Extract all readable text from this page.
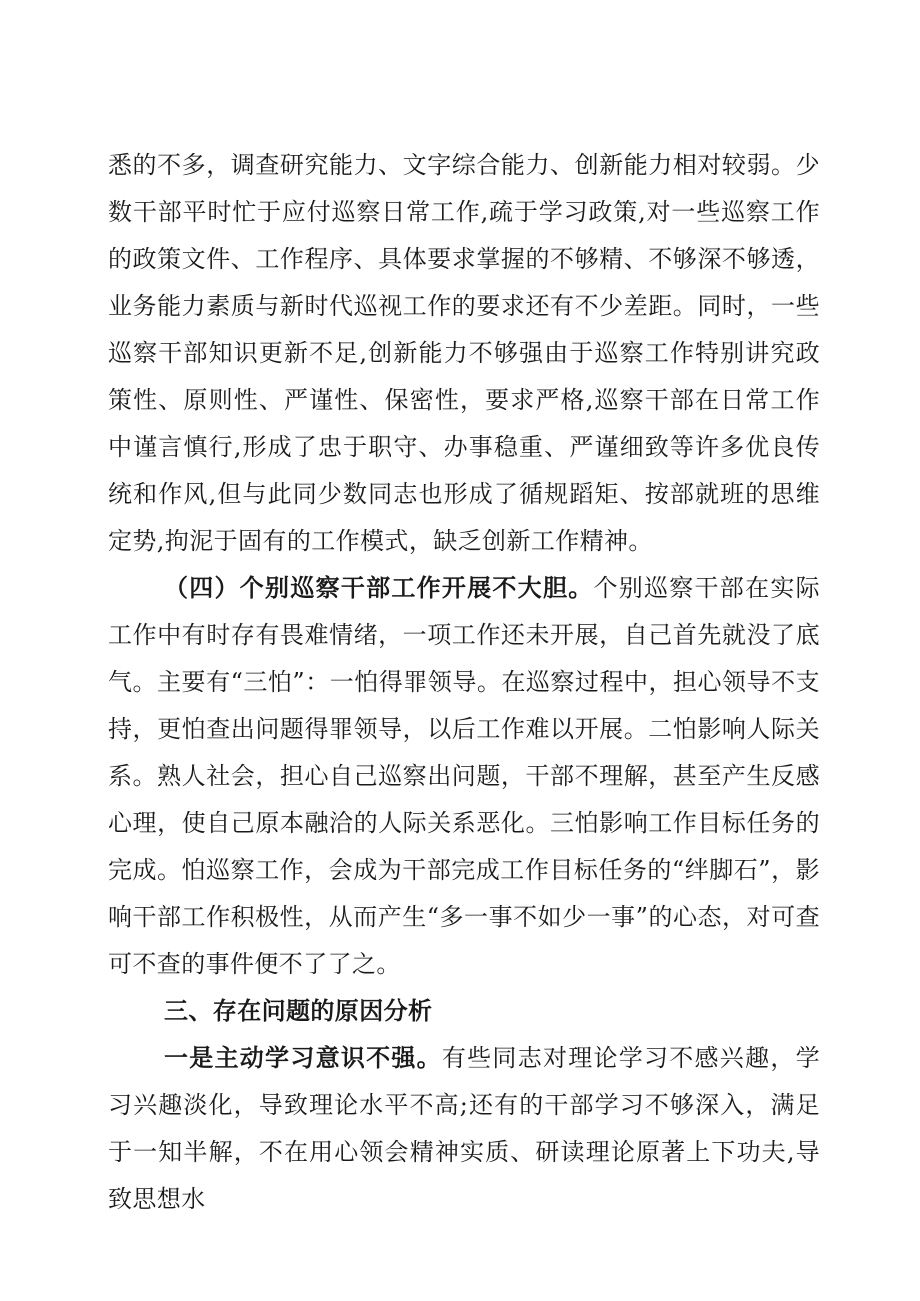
悉的不多，调查研究能力、文字综合能力、创新能力相对较弱。少数干部平时忙于应付巡察日常工作,疏于学习政策,对一些巡察工作的政策文件、工作程序、具体要求掌握的不够精、不够深不够透，业务能力素质与新时代巡视工作的要求还有不少差距。同时，一些巡察干部知识更新不足,创新能力不够强由于巡察工作特别讲究政策性、原则性、严谨性、保密性，要求严格,巡察干部在日常工作中谨言慎行,形成了忠于职守、办事稳重、严谨细致等许多优良传统和作风,但与此同少数同志也形成了循规蹈矩、按部就班的思维定势,拘泥于固有的工作模式，缺乏创新工作精神。

（四）个别巡察干部工作开展不大胆。个别巡察干部在实际工作中有时存有畏难情绪，一项工作还未开展，自己首先就没了底气。主要有“三怕”：一怕得罪领导。在巡察过程中，担心领导不支持，更怕查出问题得罪领导，以后工作难以开展。二怕影响人际关系。熟人社会，担心自己巡察出问题，干部不理解，甚至产生反感心理，使自己原本融洽的人际关系恶化。三怕影响工作目标任务的完成。怕巡察工作，会成为干部完成工作目标任务的“绊脚石”，影响干部工作积极性，从而产生“多一事不如少一事”的心态，对可查可不查的事件便不了了之。

三、存在问题的原因分析

一是主动学习意识不强。有些同志对理论学习不感兴趣，学习兴趣淡化，导致理论水平不高;还有的干部学习不够深入，满足于一知半解，不在用心领会精神实质、研读理论原著上下功夫,导致思想水
